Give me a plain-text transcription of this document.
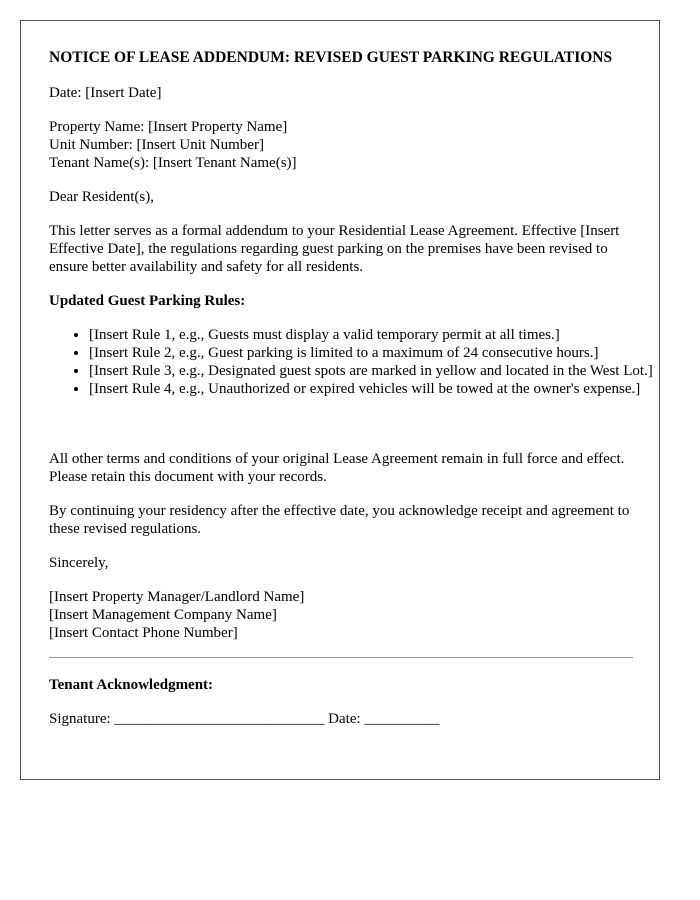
NOTICE OF LEASE ADDENDUM: REVISED GUEST PARKING REGULATIONS

Date: [Insert Date]

Property Name: [Insert Property Name]
Unit Number: [Insert Unit Number]
Tenant Name(s): [Insert Tenant Name(s)]

Dear Resident(s),

This letter serves as a formal addendum to your Residential Lease Agreement. Effective [Insert Effective Date], the regulations regarding guest parking on the premises have been revised to ensure better availability and safety for all residents.

Updated Guest Parking Rules:

• [Insert Rule 1, e.g., Guests must display a valid temporary permit at all times.]
• [Insert Rule 2, e.g., Guest parking is limited to a maximum of 24 consecutive hours.]
• [Insert Rule 3, e.g., Designated guest spots are marked in yellow and located in the West Lot.]
• [Insert Rule 4, e.g., Unauthorized or expired vehicles will be towed at the owner's expense.]

All other terms and conditions of your original Lease Agreement remain in full force and effect. Please retain this document with your records.

By continuing your residency after the effective date, you acknowledge receipt and agreement to these revised regulations.

Sincerely,

[Insert Property Manager/Landlord Name]
[Insert Management Company Name]
[Insert Contact Phone Number]

Tenant Acknowledgment:

Signature: ____________________________ Date: __________
